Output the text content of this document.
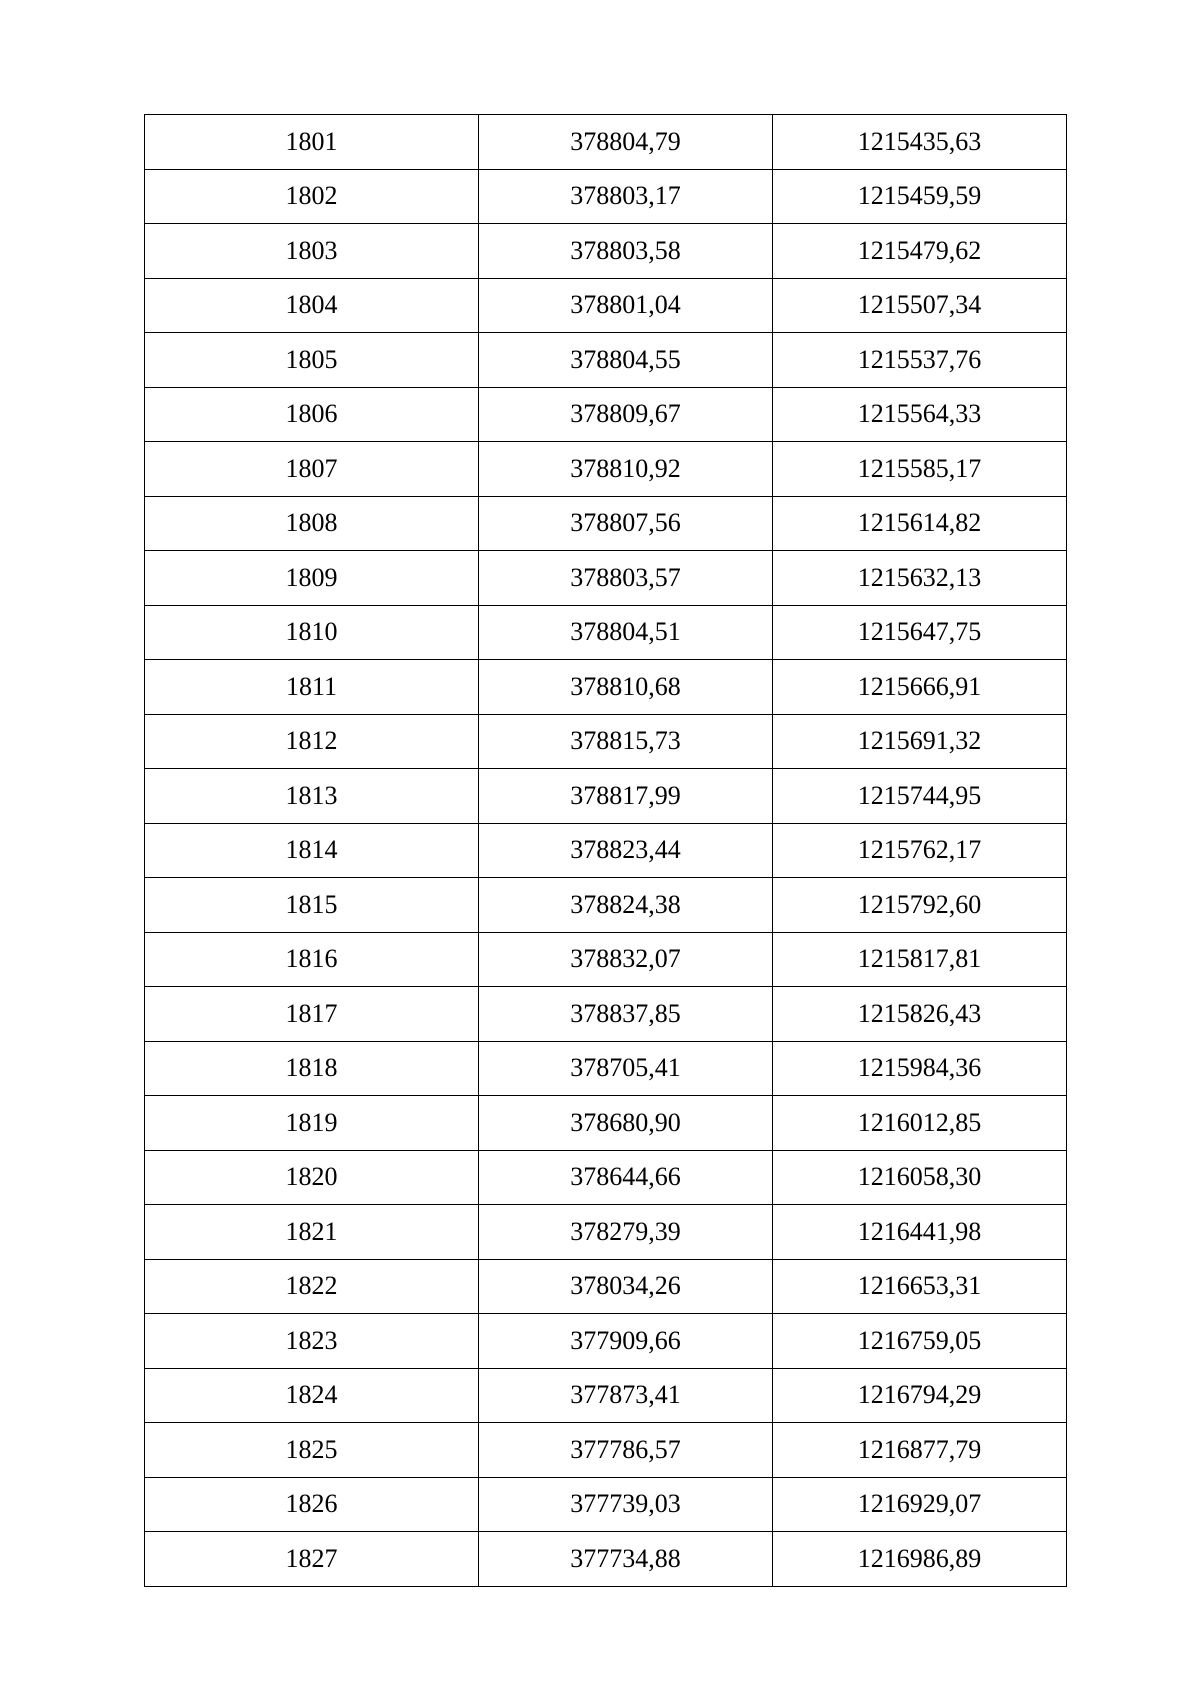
1801	378804,79	1215435,63
1802	378803,17	1215459,59
1803	378803,58	1215479,62
1804	378801,04	1215507,34
1805	378804,55	1215537,76
1806	378809,67	1215564,33
1807	378810,92	1215585,17
1808	378807,56	1215614,82
1809	378803,57	1215632,13
1810	378804,51	1215647,75
1811	378810,68	1215666,91
1812	378815,73	1215691,32
1813	378817,99	1215744,95
1814	378823,44	1215762,17
1815	378824,38	1215792,60
1816	378832,07	1215817,81
1817	378837,85	1215826,43
1818	378705,41	1215984,36
1819	378680,90	1216012,85
1820	378644,66	1216058,30
1821	378279,39	1216441,98
1822	378034,26	1216653,31
1823	377909,66	1216759,05
1824	377873,41	1216794,29
1825	377786,57	1216877,79
1826	377739,03	1216929,07
1827	377734,88	1216986,89
